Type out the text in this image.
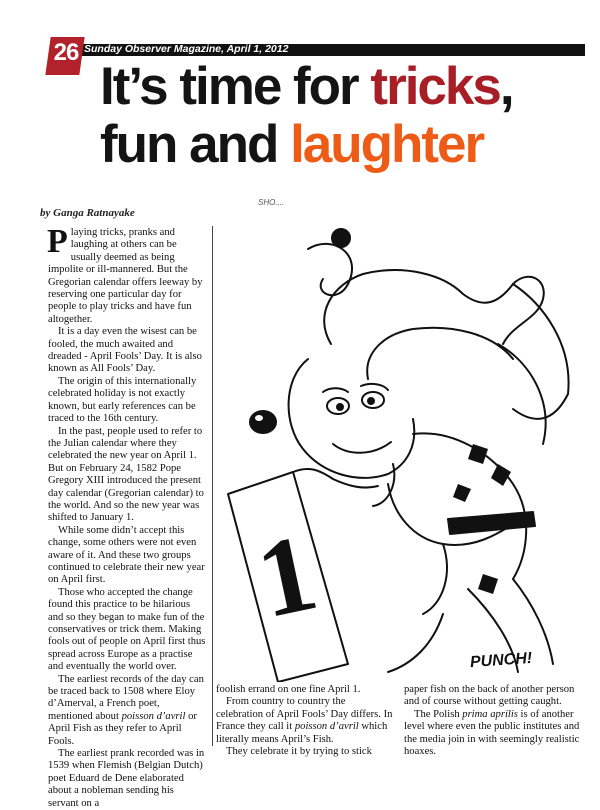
Sunday Observer Magazine, April 1, 2012
26
It’s time for tricks,
fun and laughter
by Ganga Ratnayake

Playing tricks, pranks and laughing at others can be usually deemed as being impolite or ill-mannered. But the Gregorian calendar offers leeway by reserving one particular day for people to play tricks and have fun altogether.

It is a day even the wisest can be fooled, the much awaited and dreaded - April Fools’ Day. It is also known as All Fools’ Day.

The origin of this internationally celebrated holiday is not exactly known, but early references can be traced to the 16th century.

In the past, people used to refer to the Julian calendar where they celebrated the new year on April 1. But on February 24, 1582 Pope Gregory XIII introduced the present day calendar (Gregorian calendar) to the world. And so the new year was shifted to January 1.

While some didn’t accept this change, some others were not even aware of it. And these two groups continued to celebrate their new year on April first.

Those who accepted the change found this practice to be hilarious and so they began to make fun of the conservatives or trick them. Making fools out of people on April first thus spread across Europe as a practise and eventually the world over.

The earliest records of the day can be traced back to 1508 where Eloy d’Amerval, a French poet, mentioned about poisson d’avril or April Fish as they refer to April Fools.

The earliest prank recorded was in 1539 when Flemish (Belgian Dutch) poet Eduard de Dene elaborated about a nobleman sending his servant on a

SHO....
1
PUNCH!

foolish errand on one fine April 1.

From country to country the celebration of April Fools’ Day differs. In France they call it poisson d’avril which literally means April’s Fish.

They celebrate it by trying to stick

paper fish on the back of another person and of course without getting caught.

The Polish prima aprilis is of another level where even the public institutes and the media join in with seemingly realistic hoaxes.
